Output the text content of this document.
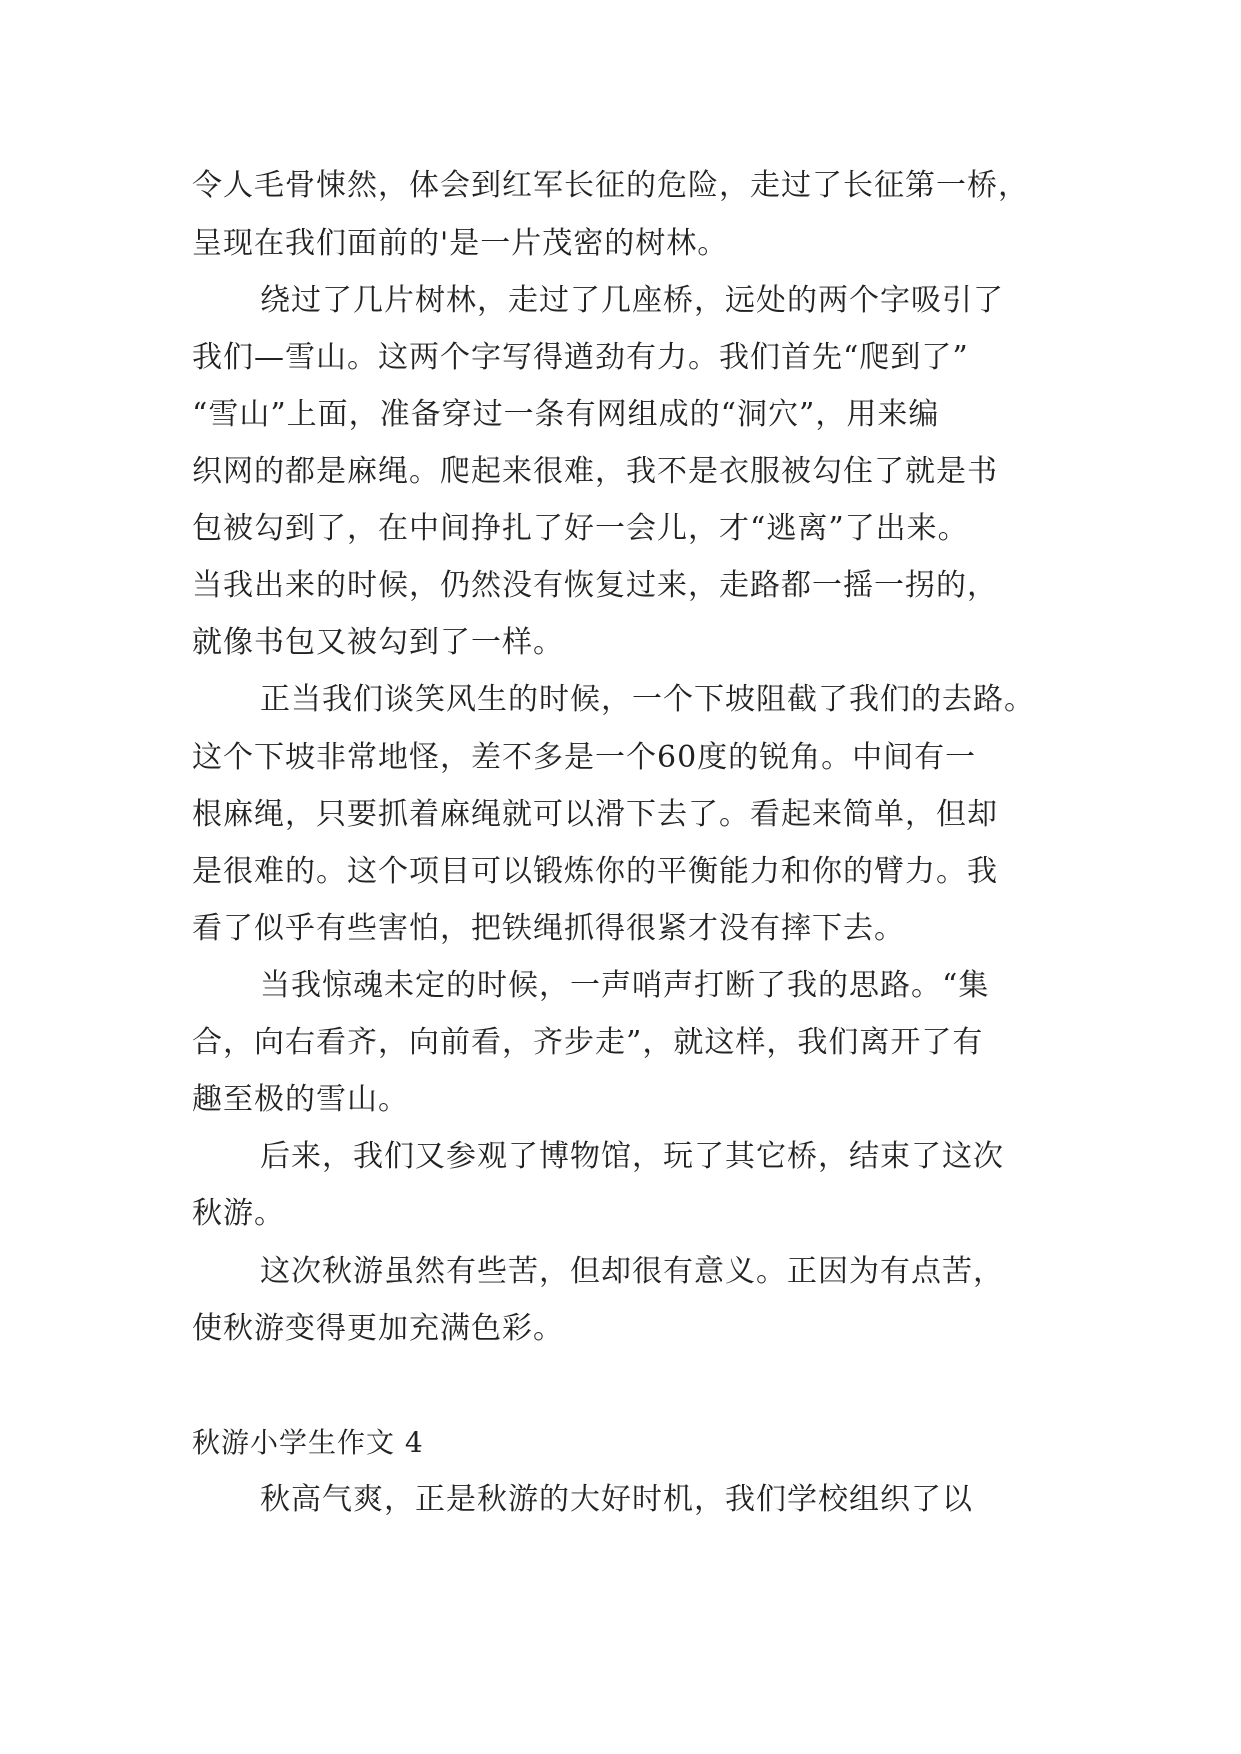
令人毛骨悚然，体会到红军长征的危险，走过了长征第一桥，
呈现在我们面前的'是一片茂密的树林。
绕过了几片树林，走过了几座桥，远处的两个字吸引了
我们—雪山。这两个字写得遒劲有力。我们首先“爬到了”
“雪山”上面，准备穿过一条有网组成的“洞穴”，用来编
织网的都是麻绳。爬起来很难，我不是衣服被勾住了就是书
包被勾到了，在中间挣扎了好一会儿，才“逃离”了出来。
当我出来的时候，仍然没有恢复过来，走路都一摇一拐的，
就像书包又被勾到了一样。
正当我们谈笑风生的时候，一个下坡阻截了我们的去路。
这个下坡非常地怪，差不多是一个60度的锐角。中间有一
根麻绳，只要抓着麻绳就可以滑下去了。看起来简单，但却
是很难的。这个项目可以锻炼你的平衡能力和你的臂力。我
看了似乎有些害怕，把铁绳抓得很紧才没有摔下去。
当我惊魂未定的时候，一声哨声打断了我的思路。“集
合，向右看齐，向前看，齐步走”，就这样，我们离开了有
趣至极的雪山。
后来，我们又参观了博物馆，玩了其它桥，结束了这次
秋游。
这次秋游虽然有些苦，但却很有意义。正因为有点苦，
使秋游变得更加充满色彩。
秋游小学生作文 4
秋高气爽，正是秋游的大好时机，我们学校组织了以
